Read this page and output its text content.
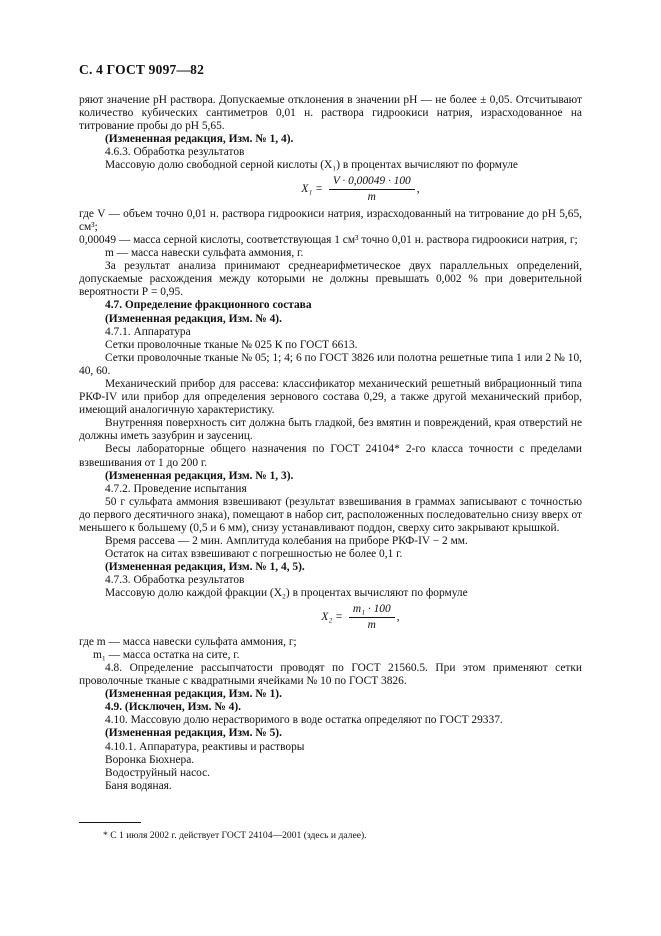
С. 4 ГОСТ 9097—82

ряют значение рН раствора. Допускаемые отклонения в значении рН — не более ± 0,05. Отсчитывают количество кубических сантиметров 0,01 н. раствора гидроокиси натрия, израсходованное на титрование пробы до рН 5,65.

(Измененная редакция, Изм. № 1, 4).

4.6.3. Обработка результатов

Массовую долю свободной серной кислоты (X₁) в процентах вычисляют по формуле

$X_1 = \frac{V \cdot 0,00049 \cdot 100}{m}$ ,

где V — объем точно 0,01 н. раствора гидроокиси натрия, израсходованный на титрование до рН 5,65, см³;

0,00049 — масса серной кислоты, соответствующая 1 см³ точно 0,01 н. раствора гидроокиси натрия, г;

m — масса навески сульфата аммония, г.

За результат анализа принимают среднеарифметическое двух параллельных определений, допускаемые расхождения между которыми не должны превышать 0,002 % при доверительной вероятности Р = 0,95.

4.7. Определение фракционного состава

(Измененная редакция, Изм. № 4).

4.7.1. Аппаратура

Сетки проволочные тканые № 025 К по ГОСТ 6613.

Сетки проволочные тканые № 05; 1; 4; 6 по ГОСТ 3826 или полотна решетные типа 1 или 2 № 10, 40, 60.

Механический прибор для рассева: классификатор механический решетный вибрационный типа РКФ-IV или прибор для определения зернового состава 0,29, а также другой механический прибор, имеющий аналогичную характеристику.

Внутренняя поверхность сит должна быть гладкой, без вмятин и повреждений, края отверстий не должны иметь зазубрин и заусениц.

Весы лабораторные общего назначения по ГОСТ 24104* 2-го класса точности с пределами взвешивания от 1 до 200 г.

(Измененная редакция, Изм. № 1, 3).

4.7.2. Проведение испытания

50 г сульфата аммония взвешивают (результат взвешивания в граммах записывают с точностью до первого десятичного знака), помещают в набор сит, расположенных последовательно снизу вверх от меньшего к большему (0,5 и 6 мм), снизу устанавливают поддон, сверху сито закрывают крышкой.

Время рассева — 2 мин. Амплитуда колебания на приборе РКФ-IV − 2 мм.

Остаток на ситах взвешивают с погрешностью не более 0,1 г.

(Измененная редакция, Изм. № 1, 4, 5).

4.7.3. Обработка результатов

Массовую долю каждой фракции (X₂) в процентах вычисляют по формуле

$X_2 = \frac{\text{m₁ · 100}}{m}$ ,

где m — масса навески сульфата аммония, г;

m₁ — масса остатка на сите, г.

4.8. Определение рассыпчатости проводят по ГОСТ 21560.5. При этом применяют сетки проволочные тканые с квадратными ячейками № 10 по ГОСТ 3826.

(Измененная редакция, Изм. № 1).

4.9. (Исключен, Изм. № 4).

4.10. Массовую долю нерастворимого в воде остатка определяют по ГОСТ 29337.

(Измененная редакция, Изм. № 5).

4.10.1. Аппаратура, реактивы и растворы

Воронка Бюхнера.

Водоструйный насос.

Баня водяная.

* С 1 июля 2002 г. действует ГОСТ 24104—2001 (здесь и далее).
